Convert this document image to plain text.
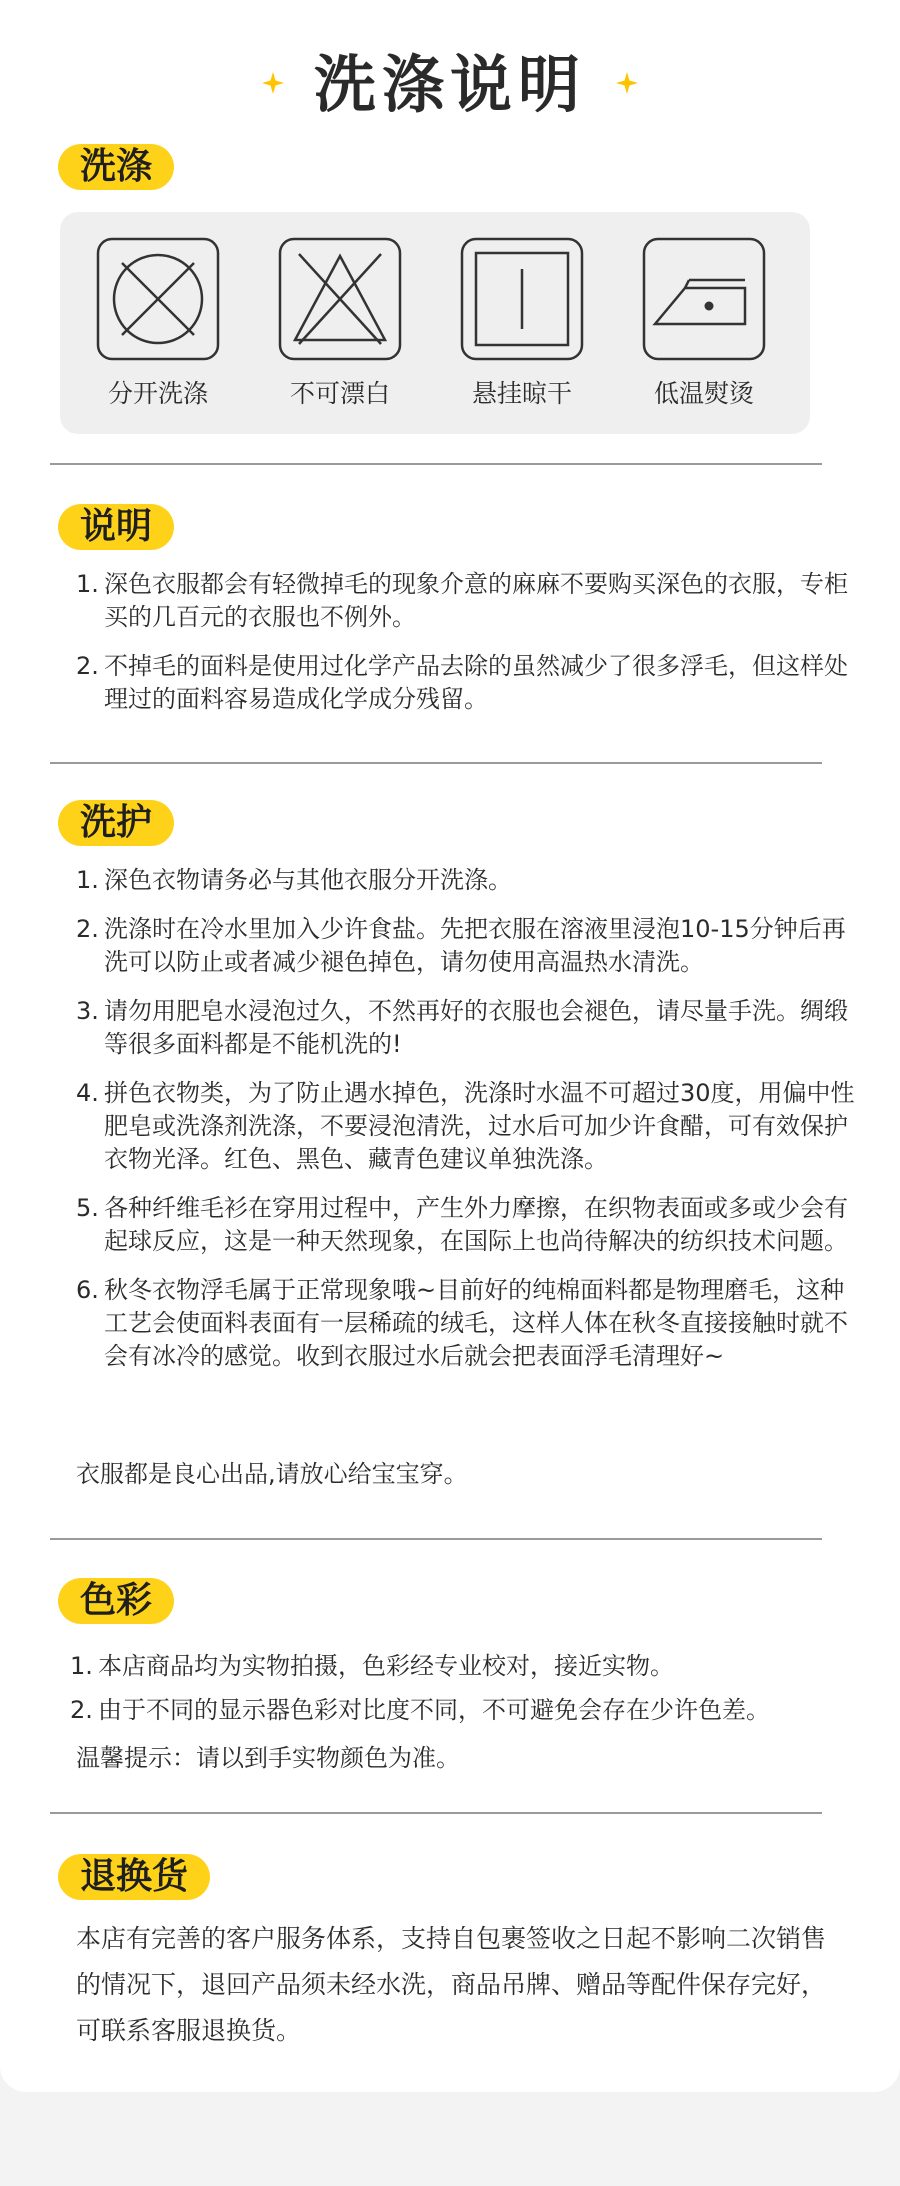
洗涤说明
洗涤
分开洗涤	不可漂白	悬挂晾干	低温熨烫
说明
1. 深色衣服都会有轻微掉毛的现象介意的麻麻不要购买深色的衣服，专柜买的几百元的衣服也不例外。
2. 不掉毛的面料是使用过化学产品去除的虽然减少了很多浮毛，但这样处理过的面料容易造成化学成分残留。
洗护
1. 深色衣物请务必与其他衣服分开洗涤。
2. 洗涤时在冷水里加入少许食盐。先把衣服在溶液里浸泡10-15分钟后再洗可以防止或者减少褪色掉色，请勿使用高温热水清洗。
3. 请勿用肥皂水浸泡过久，不然再好的衣服也会褪色，请尽量手洗。绸缎等很多面料都是不能机洗的!
4. 拼色衣物类，为了防止遇水掉色，洗涤时水温不可超过30度，用偏中性肥皂或洗涤剂洗涤，不要浸泡清洗，过水后可加少许食醋，可有效保护衣物光泽。红色、黑色、藏青色建议单独洗涤。
5. 各种纤维毛衫在穿用过程中，产生外力摩擦，在织物表面或多或少会有起球反应，这是一种天然现象，在国际上也尚待解决的纺织技术问题。
6. 秋冬衣物浮毛属于正常现象哦~目前好的纯棉面料都是物理磨毛，这种工艺会使面料表面有一层稀疏的绒毛，这样人体在秋冬直接接触时就不会有冰冷的感觉。收到衣服过水后就会把表面浮毛清理好~
衣服都是良心出品,请放心给宝宝穿。
色彩
1. 本店商品均为实物拍摄，色彩经专业校对，接近实物。
2. 由于不同的显示器色彩对比度不同，不可避免会存在少许色差。
温馨提示：请以到手实物颜色为准。
退换货
本店有完善的客户服务体系，支持自包裹签收之日起不影响二次销售的情况下，退回产品须未经水洗，商品吊牌、赠品等配件保存完好，可联系客服退换货。
